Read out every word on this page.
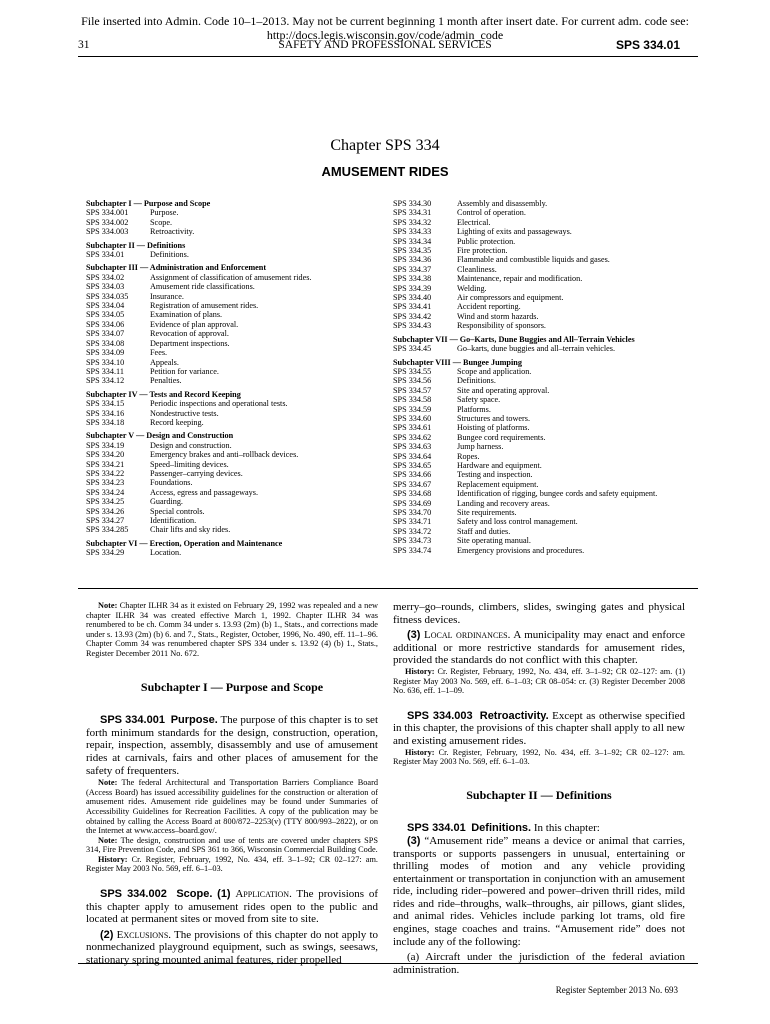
File inserted into Admin. Code 10–1–2013. May not be current beginning 1 month after insert date. For current adm. code see:
http://docs.legis.wisconsin.gov/code/admin_code
31	SAFETY AND PROFESSIONAL SERVICES	SPS 334.01
Chapter SPS 334
AMUSEMENT RIDES
Subchapter I — Purpose and Scope
SPS 334.001	Purpose.
SPS 334.002	Scope.
SPS 334.003	Retroactivity.
Subchapter II — Definitions
SPS 334.01	Definitions.
Subchapter III — Administration and Enforcement
SPS 334.02	Assignment of classification of amusement rides.
SPS 334.03	Amusement ride classifications.
SPS 334.035	Insurance.
SPS 334.04	Registration of amusement rides.
SPS 334.05	Examination of plans.
SPS 334.06	Evidence of plan approval.
SPS 334.07	Revocation of approval.
SPS 334.08	Department inspections.
SPS 334.09	Fees.
SPS 334.10	Appeals.
SPS 334.11	Petition for variance.
SPS 334.12	Penalties.
Subchapter IV — Tests and Record Keeping
SPS 334.15	Periodic inspections and operational tests.
SPS 334.16	Nondestructive tests.
SPS 334.18	Record keeping.
Subchapter V — Design and Construction
SPS 334.19	Design and construction.
SPS 334.20	Emergency brakes and anti–rollback devices.
SPS 334.21	Speed–limiting devices.
SPS 334.22	Passenger–carrying devices.
SPS 334.23	Foundations.
SPS 334.24	Access, egress and passageways.
SPS 334.25	Guarding.
SPS 334.26	Special controls.
SPS 334.27	Identification.
SPS 334.285	Chair lifts and sky rides.
Subchapter VI — Erection, Operation and Maintenance
SPS 334.29	Location.
SPS 334.30	Assembly and disassembly.
SPS 334.31	Control of operation.
SPS 334.32	Electrical.
SPS 334.33	Lighting of exits and passageways.
SPS 334.34	Public protection.
SPS 334.35	Fire protection.
SPS 334.36	Flammable and combustible liquids and gases.
SPS 334.37	Cleanliness.
SPS 334.38	Maintenance, repair and modification.
SPS 334.39	Welding.
SPS 334.40	Air compressors and equipment.
SPS 334.41	Accident reporting.
SPS 334.42	Wind and storm hazards.
SPS 334.43	Responsibility of sponsors.
Subchapter VII — Go–Karts, Dune Buggies and All–Terrain Vehicles
SPS 334.45	Go–karts, dune buggies and all–terrain vehicles.
Subchapter VIII — Bungee Jumping
SPS 334.55	Scope and application.
SPS 334.56	Definitions.
SPS 334.57	Site and operating approval.
SPS 334.58	Safety space.
SPS 334.59	Platforms.
SPS 334.60	Structures and towers.
SPS 334.61	Hoisting of platforms.
SPS 334.62	Bungee cord requirements.
SPS 334.63	Jump harness.
SPS 334.64	Ropes.
SPS 334.65	Hardware and equipment.
SPS 334.66	Testing and inspection.
SPS 334.67	Replacement equipment.
SPS 334.68	Identification of rigging, bungee cords and safety equipment.
SPS 334.69	Landing and recovery areas.
SPS 334.70	Site requirements.
SPS 334.71	Safety and loss control management.
SPS 334.72	Staff and duties.
SPS 334.73	Site operating manual.
SPS 334.74	Emergency provisions and procedures.

Note: Chapter ILHR 34 as it existed on February 29, 1992 was repealed and a new chapter ILHR 34 was created effective March 1, 1992. Chapter ILHR 34 was renumbered to be ch. Comm 34 under s. 13.93 (2m) (b) 1., Stats., and corrections made under s. 13.93 (2m) (b) 6. and 7., Stats., Register, October, 1996, No. 490, eff. 11–1–96. Chapter Comm 34 was renumbered chapter SPS 334 under s. 13.92 (4) (b) 1., Stats., Register December 2011 No. 672.

Subchapter I — Purpose and Scope

SPS 334.001 Purpose. The purpose of this chapter is to set forth minimum standards for the design, construction, operation, repair, inspection, assembly, disassembly and use of amusement rides at carnivals, fairs and other places of amusement for the safety of frequenters.

Note: The federal Architectural and Transportation Barriers Compliance Board (Access Board) has issued accessibility guidelines for the construction or alteration of amusement rides. Amusement ride guidelines may be found under Summaries of Accessibility Guidelines for Recreation Facilities. A copy of the publication may be obtained by calling the Access Board at 800/872–2253(v) (TTY 800/993–2822), or on the Internet at www.access–board.gov/.

Note: The design, construction and use of tents are covered under chapters SPS 314, Fire Prevention Code, and SPS 361 to 366, Wisconsin Commercial Building Code.

History: Cr. Register, February, 1992, No. 434, eff. 3–1–92; CR 02–127: am. Register May 2003 No. 569, eff. 6–1–03.

SPS 334.002 Scope. (1) Application. The provisions of this chapter apply to amusement rides open to the public and located at permanent sites or moved from site to site.

(2) Exclusions. The provisions of this chapter do not apply to nonmechanized playground equipment, such as swings, seesaws, stationary spring mounted animal features, rider propelled

merry–go–rounds, climbers, slides, swinging gates and physical fitness devices.

(3) Local ordinances. A municipality may enact and enforce additional or more restrictive standards for amusement rides, provided the standards do not conflict with this chapter.

History: Cr. Register, February, 1992, No. 434, eff. 3–1–92; CR 02–127: am. (1) Register May 2003 No. 569, eff. 6–1–03; CR 08–054: cr. (3) Register December 2008 No. 636, eff. 1–1–09.

SPS 334.003 Retroactivity. Except as otherwise specified in this chapter, the provisions of this chapter shall apply to all new and existing amusement rides.

History: Cr. Register, February, 1992, No. 434, eff. 3–1–92; CR 02–127: am. Register May 2003 No. 569, eff. 6–1–03.

Subchapter II — Definitions

SPS 334.01 Definitions. In this chapter:

(3) “Amusement ride” means a device or animal that carries, transports or supports passengers in unusual, entertaining or thrilling modes of motion and any vehicle providing entertainment or transportation in conjunction with an amusement ride, including rider–powered and power–driven thrill rides, mild rides and ride–throughs, walk–throughs, air pillows, giant slides, and animal rides. Vehicles include parking lot trams, old fire engines, stage coaches and trains. “Amusement ride” does not include any of the following:

(a) Aircraft under the jurisdiction of the federal aviation administration.

Register September 2013 No. 693
